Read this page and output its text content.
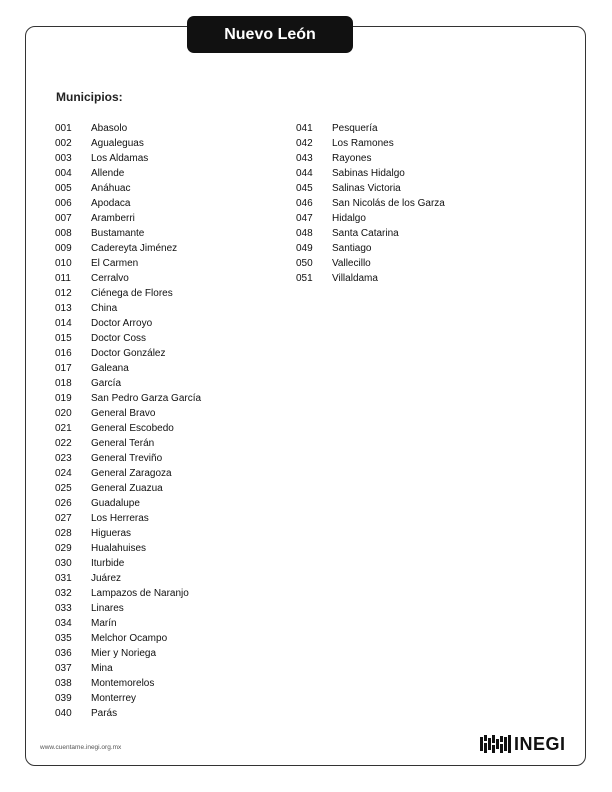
Nuevo León
Municipios:
001 Abasolo
002 Agualeguas
003 Los Aldamas
004 Allende
005 Anáhuac
006 Apodaca
007 Aramberri
008 Bustamante
009 Cadereyta Jiménez
010 El Carmen
011 Cerralvo
012 Ciénega de Flores
013 China
014 Doctor Arroyo
015 Doctor Coss
016 Doctor González
017 Galeana
018 García
019 San Pedro Garza García
020 General Bravo
021 General Escobedo
022 General Terán
023 General Treviño
024 General Zaragoza
025 General Zuazua
026 Guadalupe
027 Los Herreras
028 Higueras
029 Hualahuises
030 Iturbide
031 Juárez
032 Lampazos de Naranjo
033 Linares
034 Marín
035 Melchor Ocampo
036 Mier y Noriega
037 Mina
038 Montemorelos
039 Monterrey
040 Parás
041 Pesquería
042 Los Ramones
043 Rayones
044 Sabinas Hidalgo
045 Salinas Victoria
046 San Nicolás de los Garza
047 Hidalgo
048 Santa Catarina
049 Santiago
050 Vallecillo
051 Villaldama
www.cuentame.inegi.org.mx	INEGI
